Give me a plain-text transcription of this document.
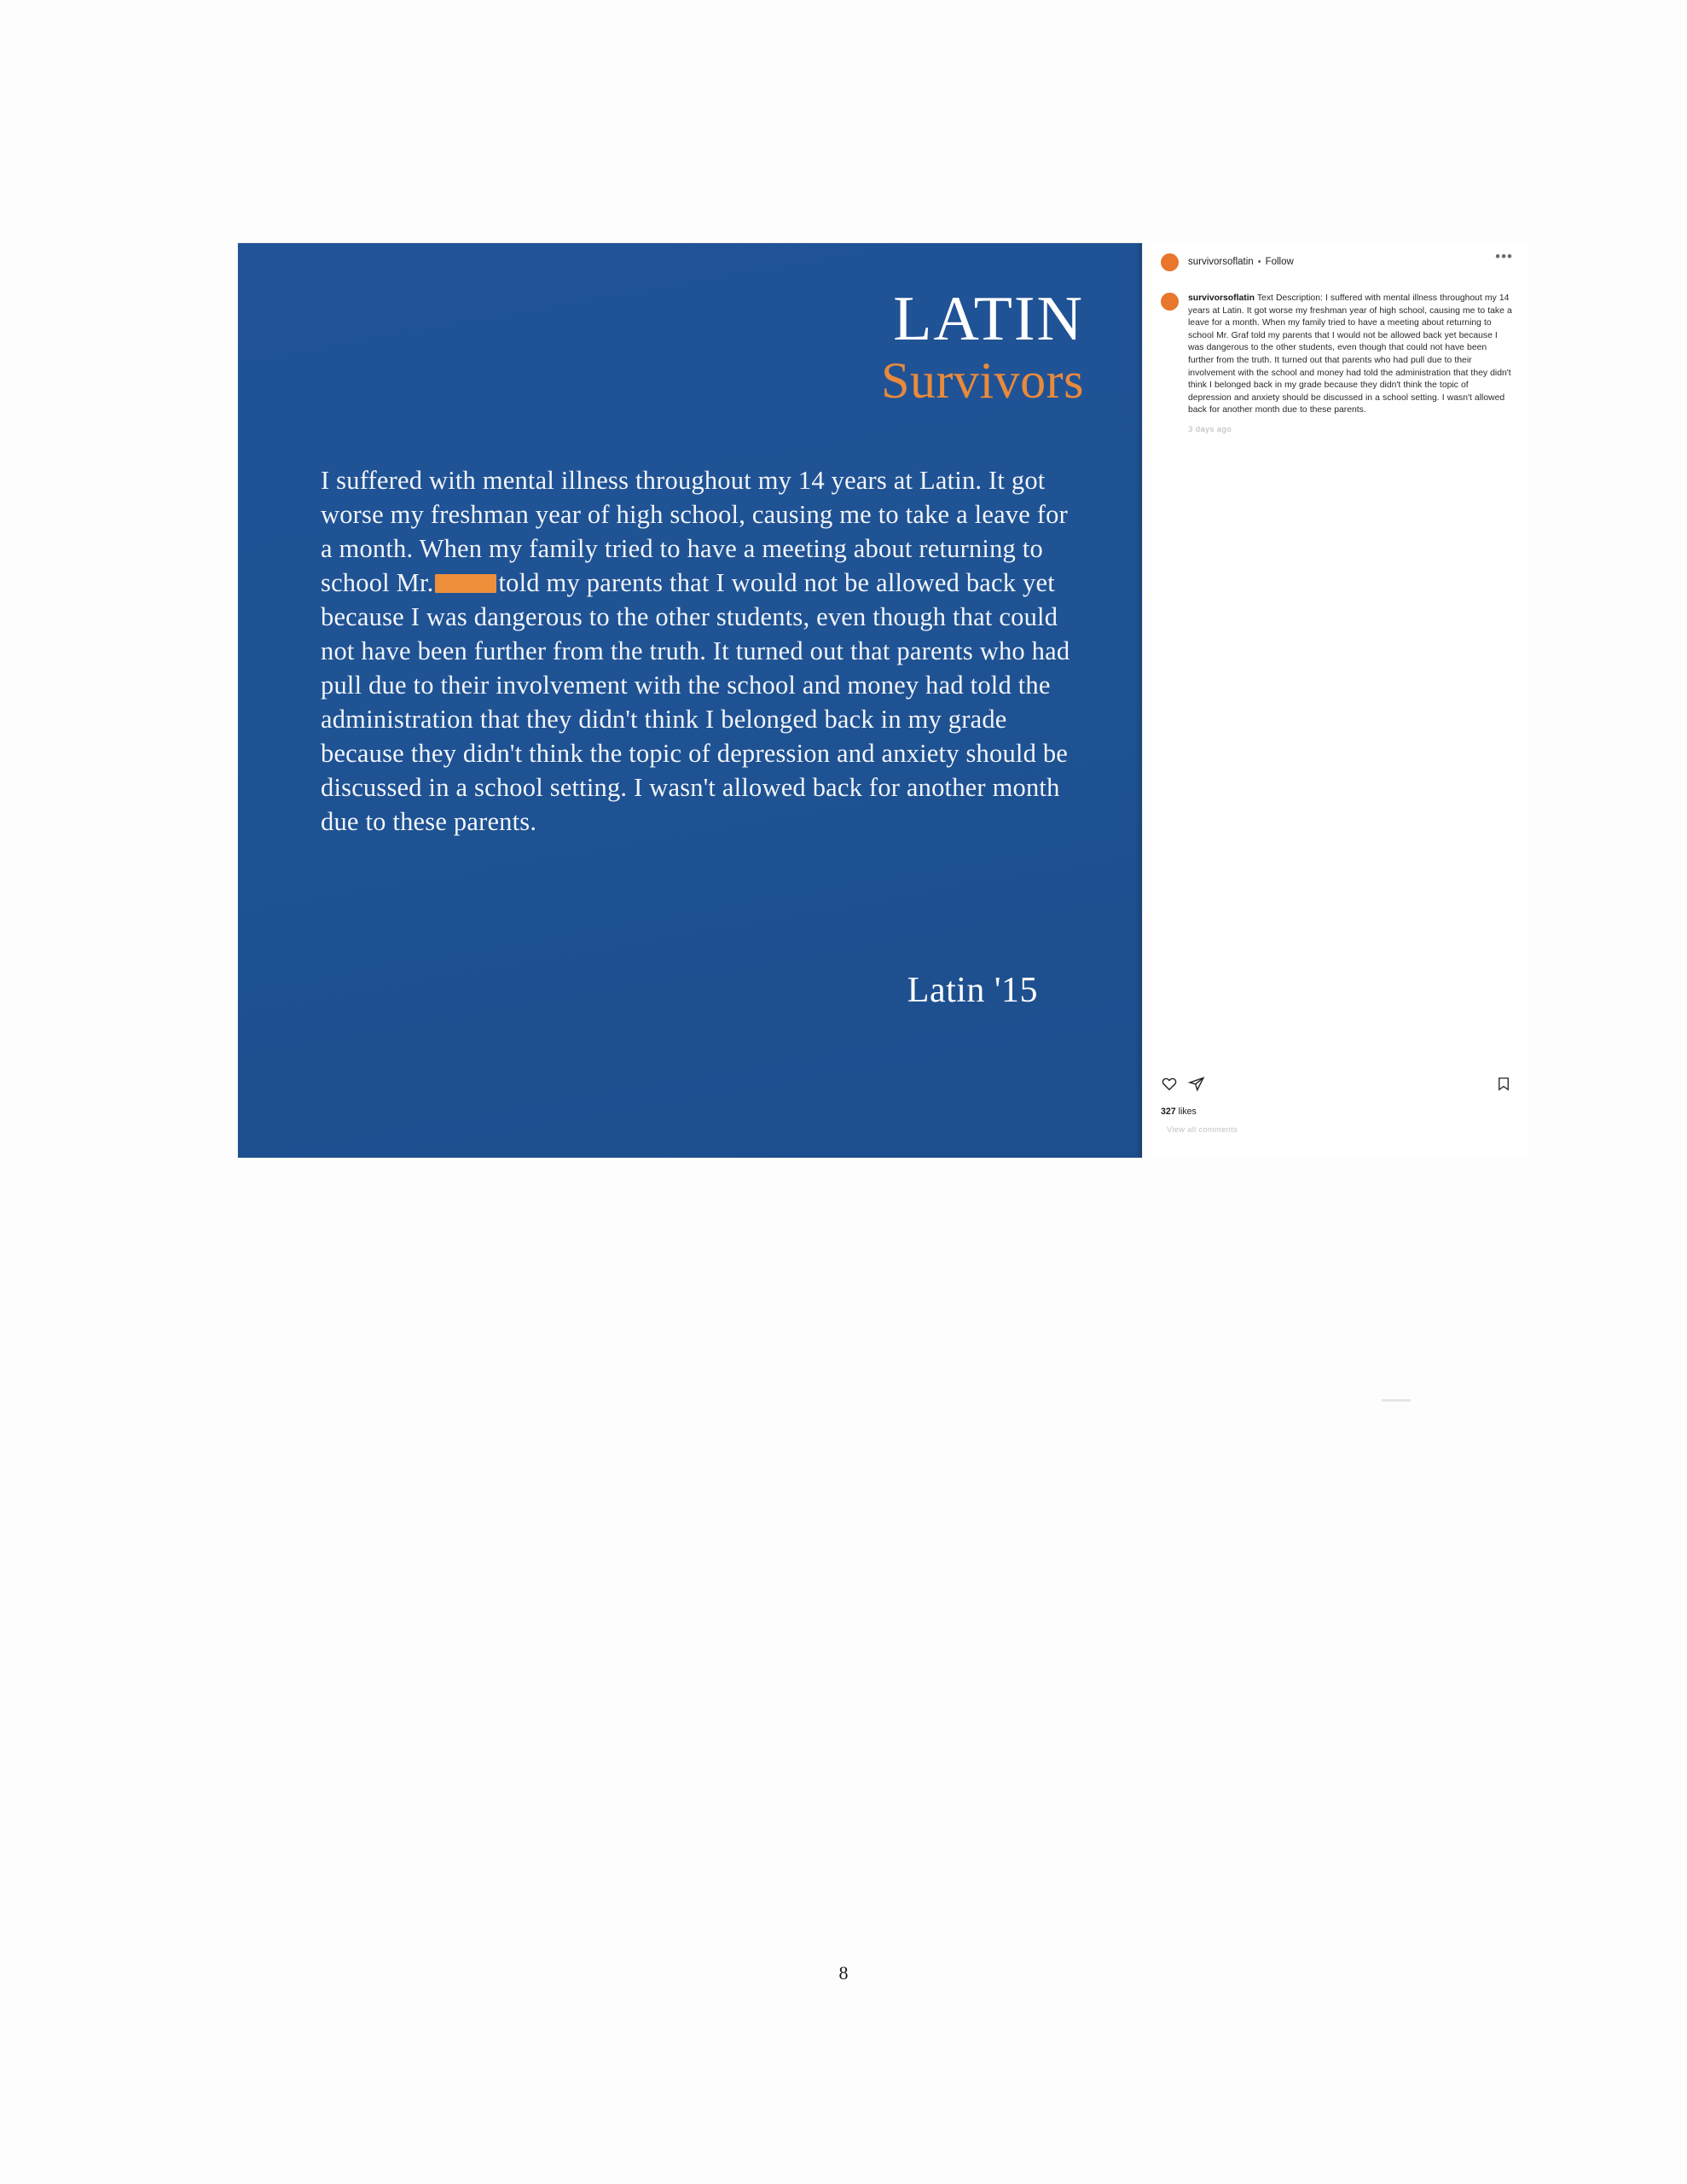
LATIN
Survivors
I suffered with mental illness throughout my 14 years at Latin. It got worse my freshman year of high school, causing me to take a leave for a month. When my family tried to have a meeting about returning to school Mr. told my parents that I would not be allowed back yet because I was dangerous to the other students, even though that could not have been further from the truth. It turned out that parents who had pull due to their involvement with the school and money had told the administration that they didn't think I belonged back in my grade because they didn't think the topic of depression and anxiety should be discussed in a school setting. I wasn't allowed back for another month due to these parents.
Latin '15
survivorsoflatin • Follow	•••
survivorsoflatin Text Description: I suffered with mental illness throughout my 14 years at Latin. It got worse my freshman year of high school, causing me to take a leave for a month. When my family tried to have a meeting about returning to school Mr. Graf told my parents that I would not be allowed back yet because I was dangerous to the other students, even though that could not have been further from the truth. It turned out that parents who had pull due to their involvement with the school and money had told the administration that they didn't think I belonged back in my grade because they didn't think the topic of depression and anxiety should be discussed in a school setting. I wasn't allowed back for another month due to these parents.
3 days ago
327 likes
View all comments
8
